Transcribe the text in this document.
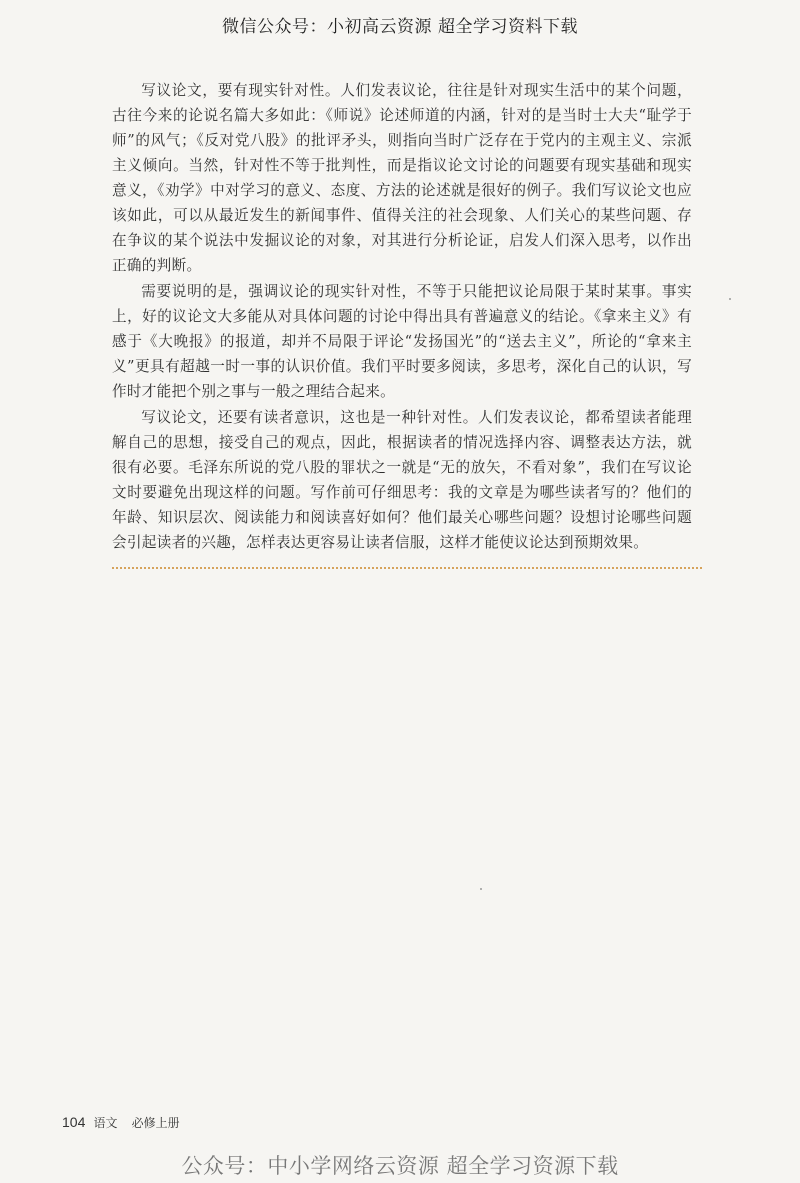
微信公众号：小初高云资源 超全学习资料下载

写议论文，要有现实针对性。人们发表议论，往往是针对现实生活中的某个问题，古往今来的论说名篇大多如此：《师说》论述师道的内涵，针对的是当时士大夫“耻学于师”的风气；《反对党八股》的批评矛头，则指向当时广泛存在于党内的主观主义、宗派主义倾向。当然，针对性不等于批判性，而是指议论文讨论的问题要有现实基础和现实意义，《劝学》中对学习的意义、态度、方法的论述就是很好的例子。我们写议论文也应该如此，可以从最近发生的新闻事件、值得关注的社会现象、人们关心的某些问题、存在争议的某个说法中发掘议论的对象，对其进行分析论证，启发人们深入思考，以作出正确的判断。

需要说明的是，强调议论的现实针对性，不等于只能把议论局限于某时某事。事实上，好的议论文大多能从对具体问题的讨论中得出具有普遍意义的结论。《拿来主义》有感于《大晚报》的报道，却并不局限于评论“发扬国光”的“送去主义”，所论的“拿来主义”更具有超越一时一事的认识价值。我们平时要多阅读，多思考，深化自己的认识，写作时才能把个别之事与一般之理结合起来。

写议论文，还要有读者意识，这也是一种针对性。人们发表议论，都希望读者能理解自己的思想，接受自己的观点，因此，根据读者的情况选择内容、调整表达方法，就很有必要。毛泽东所说的党八股的罪状之一就是“无的放矢，不看对象”，我们在写议论文时要避免出现这样的问题。写作前可仔细思考：我的文章是为哪些读者写的？他们的年龄、知识层次、阅读能力和阅读喜好如何？他们最关心哪些问题？设想讨论哪些问题会引起读者的兴趣，怎样表达更容易让读者信服，这样才能使议论达到预期效果。

104 语文 必修上册
公众号：中小学网络云资源 超全学习资源下载
